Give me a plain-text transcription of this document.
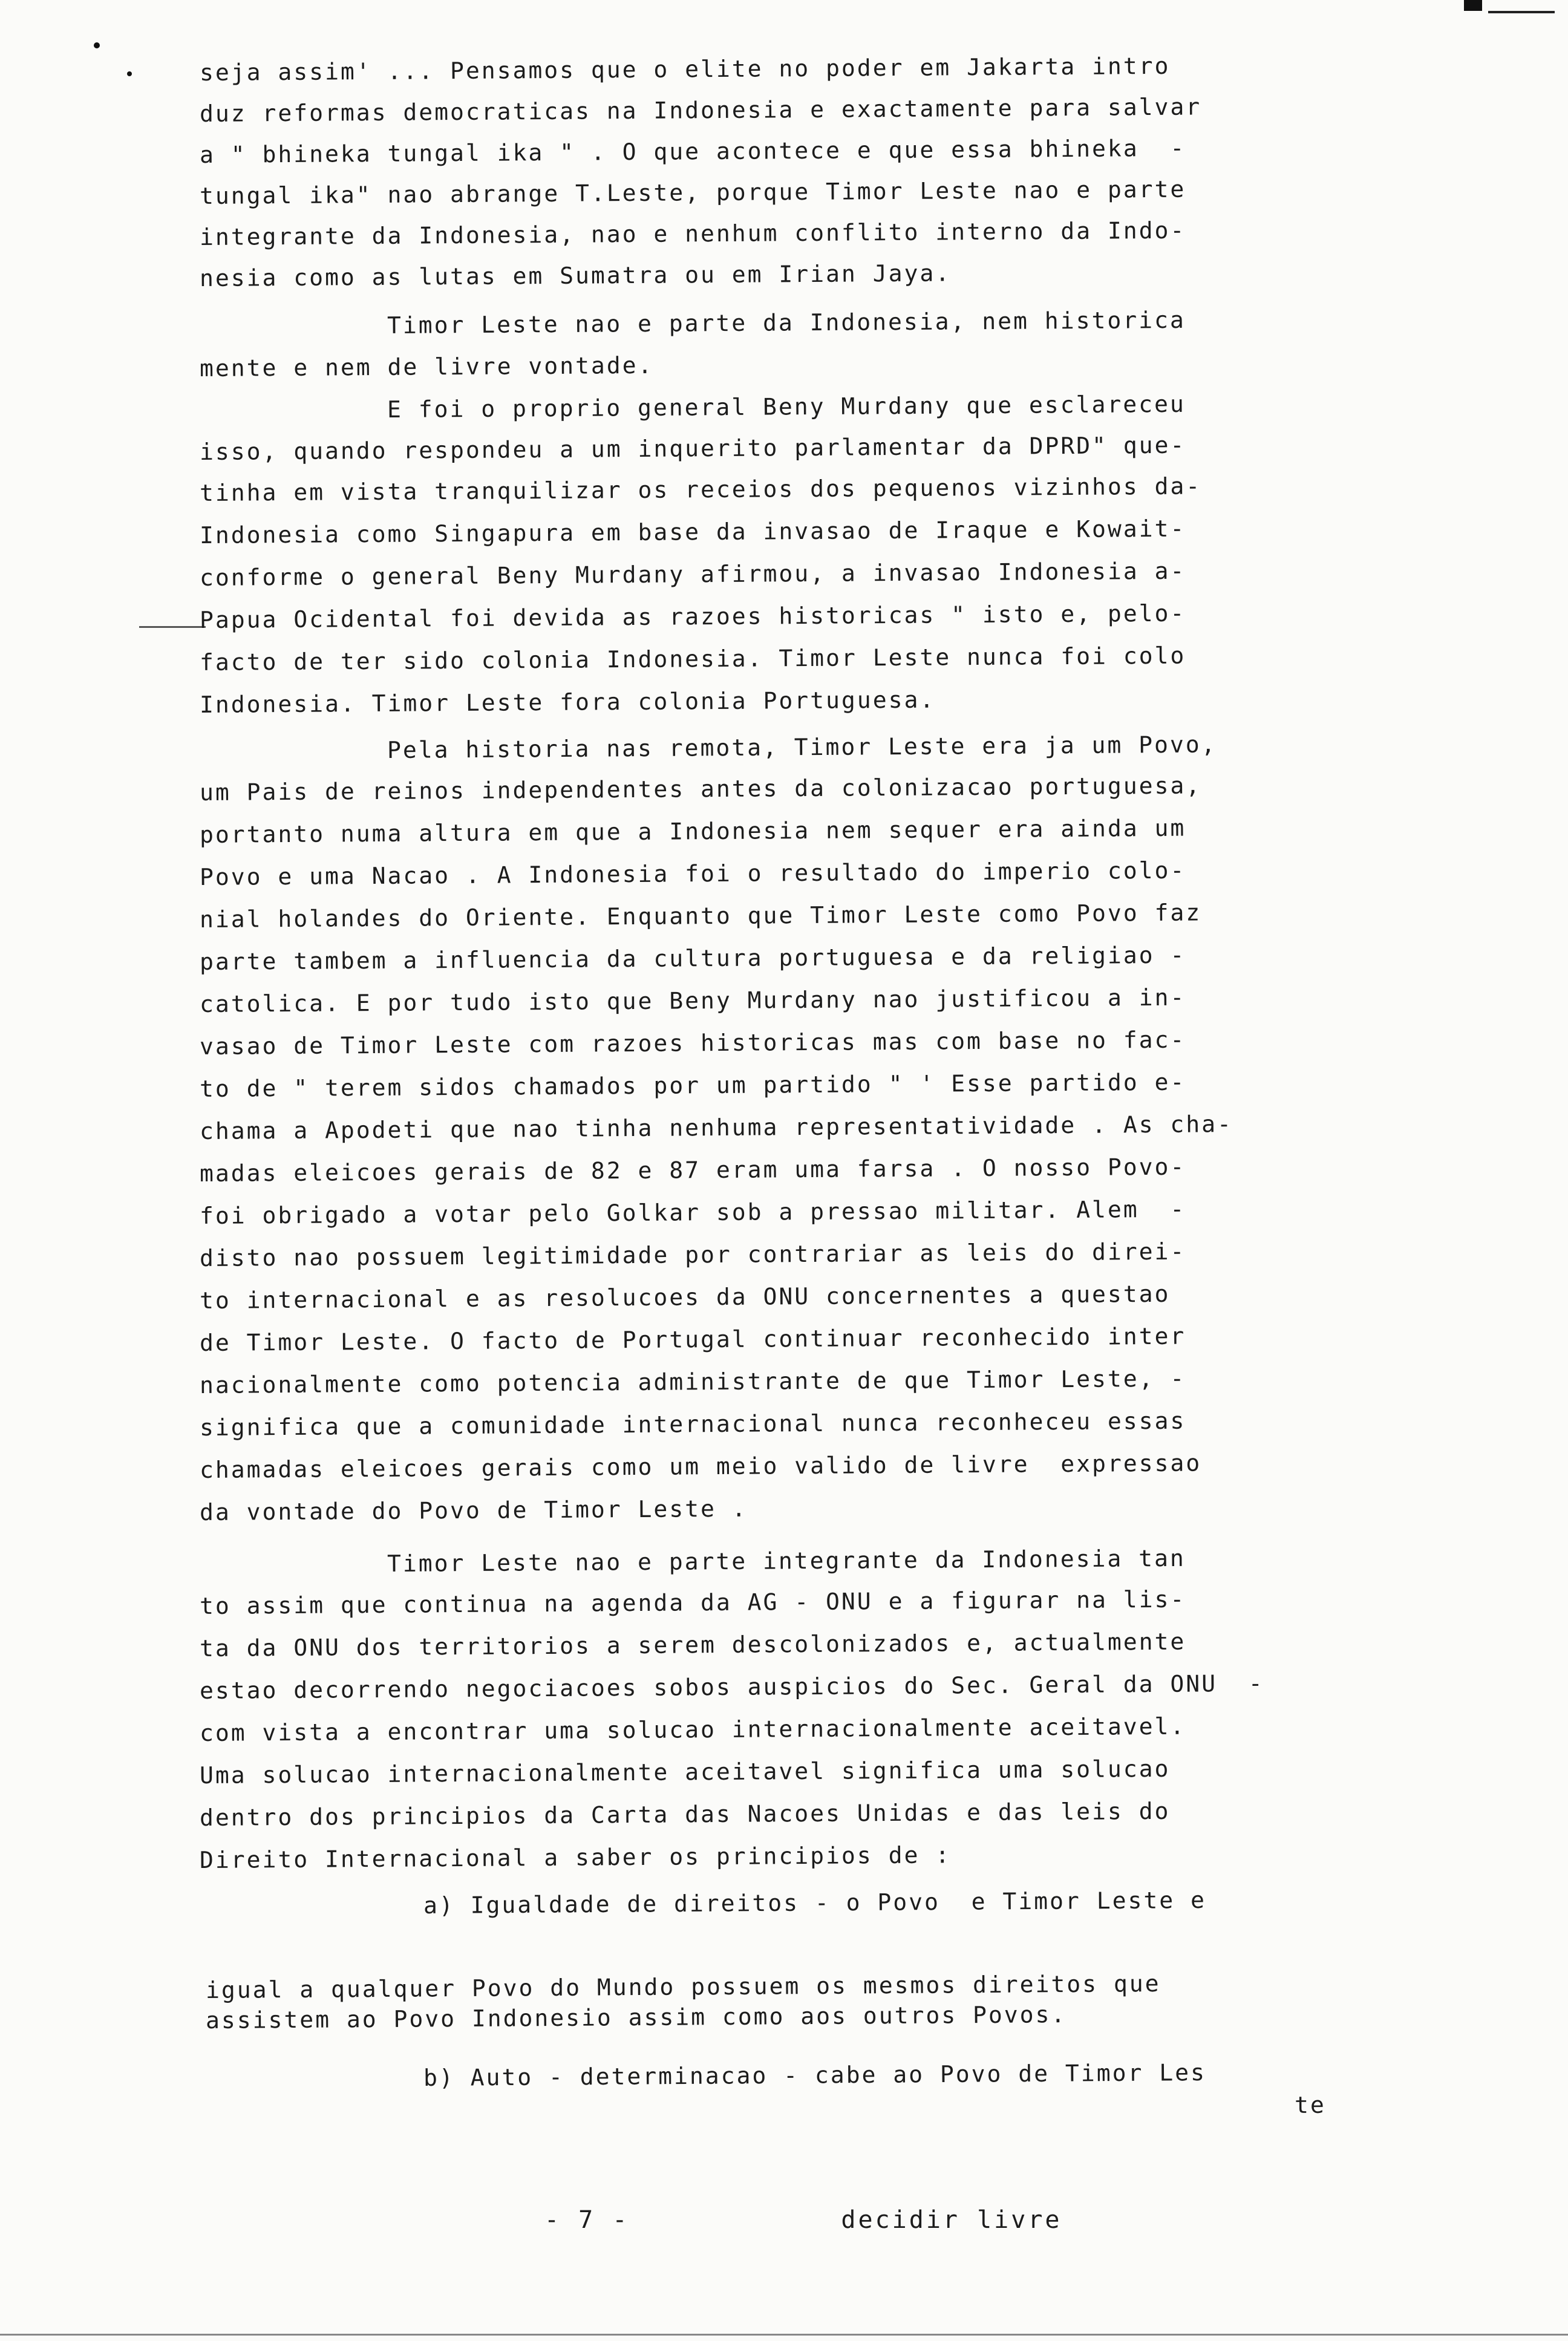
seja assim' ... Pensamos que o elite no poder em Jakarta intro
duz reformas democraticas na Indonesia e exactamente para salvar
a " bhineka tungal ika " . O que acontece e que essa bhineka  -
tungal ika" nao abrange T.Leste, porque Timor Leste nao e parte
integrante da Indonesia, nao e nenhum conflito interno da Indo-
nesia como as lutas em Sumatra ou em Irian Jaya.
Timor Leste nao e parte da Indonesia, nem historica
mente e nem de livre vontade.
E foi o proprio general Beny Murdany que esclareceu
isso, quando respondeu a um inquerito parlamentar da DPRD" que-
tinha em vista tranquilizar os receios dos pequenos vizinhos da-
Indonesia como Singapura em base da invasao de Iraque e Kowait-
conforme o general Beny Murdany afirmou, a invasao Indonesia a-
Papua Ocidental foi devida as razoes historicas " isto e, pelo-
facto de ter sido colonia Indonesia. Timor Leste nunca foi colo
Indonesia. Timor Leste fora colonia Portuguesa.
Pela historia nas remota, Timor Leste era ja um Povo,
um Pais de reinos independentes antes da colonizacao portuguesa,
portanto numa altura em que a Indonesia nem sequer era ainda um
Povo e uma Nacao . A Indonesia foi o resultado do imperio colo-
nial holandes do Oriente. Enquanto que Timor Leste como Povo faz
parte tambem a influencia da cultura portuguesa e da religiao -
catolica. E por tudo isto que Beny Murdany nao justificou a in-
vasao de Timor Leste com razoes historicas mas com base no fac-
to de " terem sidos chamados por um partido " ' Esse partido e-
chama a Apodeti que nao tinha nenhuma representatividade . As cha-
madas eleicoes gerais de 82 e 87 eram uma farsa . O nosso Povo-
foi obrigado a votar pelo Golkar sob a pressao militar. Alem  -
disto nao possuem legitimidade por contrariar as leis do direi-
to internacional e as resolucoes da ONU concernentes a questao
de Timor Leste. O facto de Portugal continuar reconhecido inter
nacionalmente como potencia administrante de que Timor Leste, -
significa que a comunidade internacional nunca reconheceu essas
chamadas eleicoes gerais como um meio valido de livre  expressao
da vontade do Povo de Timor Leste .
Timor Leste nao e parte integrante da Indonesia tan
to assim que continua na agenda da AG - ONU e a figurar na lis-
ta da ONU dos territorios a serem descolonizados e, actualmente
estao decorrendo negociacoes sobos auspicios do Sec. Geral da ONU  -
com vista a encontrar uma solucao internacionalmente aceitavel.
Uma solucao internacionalmente aceitavel significa uma solucao
dentro dos principios da Carta das Nacoes Unidas e das leis do
Direito Internacional a saber os principios de :
a) Igualdade de direitos - o Povo  e Timor Leste e
igual a qualquer Povo do Mundo possuem os mesmos direitos que
assistem ao Povo Indonesio assim como aos outros Povos.
b) Auto - determinacao - cabe ao Povo de Timor Les
te
- 7 -	decidir livre
